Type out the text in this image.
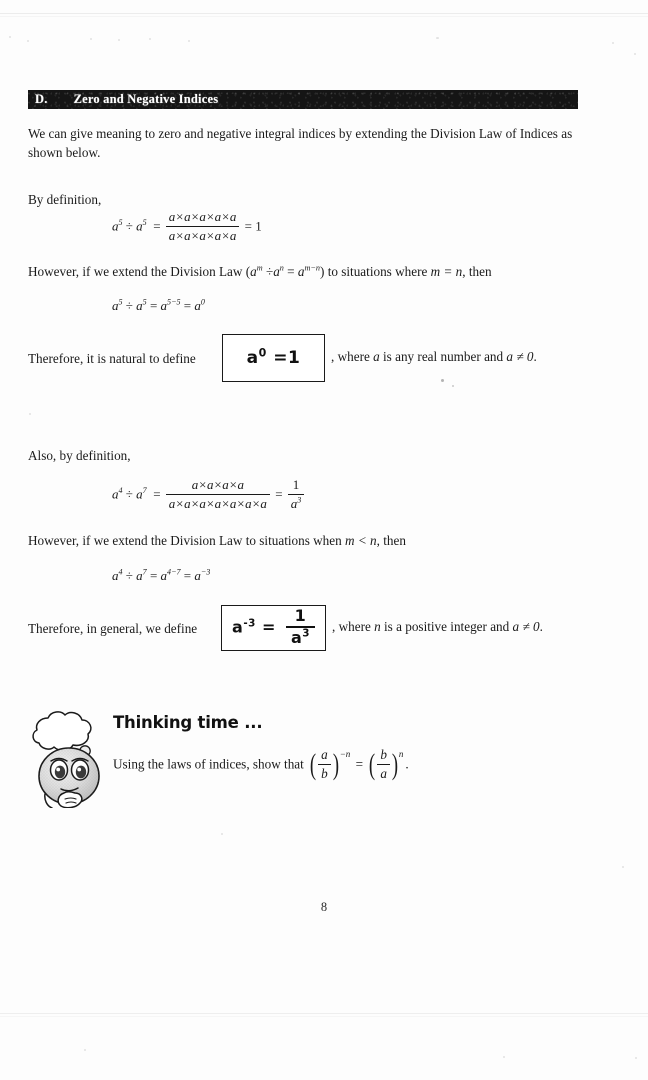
D. Zero and Negative Indices
We can give meaning to zero and negative integral indices by extending the Division Law of Indices as shown below.
By definition,
$a^5 \div a^5 = \frac{a\times a\times a\times a\times a}{a\times a\times a\times a\times a} = 1$
However, if we extend the Division Law $(a^m \div a^n = a^{m-n})$ to situations where m = n, then
$a^5 \div a^5 = a^{5-5} = a^0$
Therefore, it is natural to define	$a^0 =1$ , where a is any real number and a ≠ 0.
Also, by definition,
$a^4 \div a^7 = \frac{a\times a\times a\times a}{a\times a\times a\times a\times a\times a\times a} = \frac{1}{a^3}$
However, if we extend the Division Law to situations when m < n, then
$a^4 \div a^7 = a^{4-7} = a^{-3}$
Therefore, in general, we define $a^{-3} = \frac{1}{a^3}$ , where n is a positive integer and a ≠ 0.
Thinking time ...
Using the laws of indices, show that ( $\frac{a}{b} )-n$ = ( $\frac{b}{a} )n$.
8
